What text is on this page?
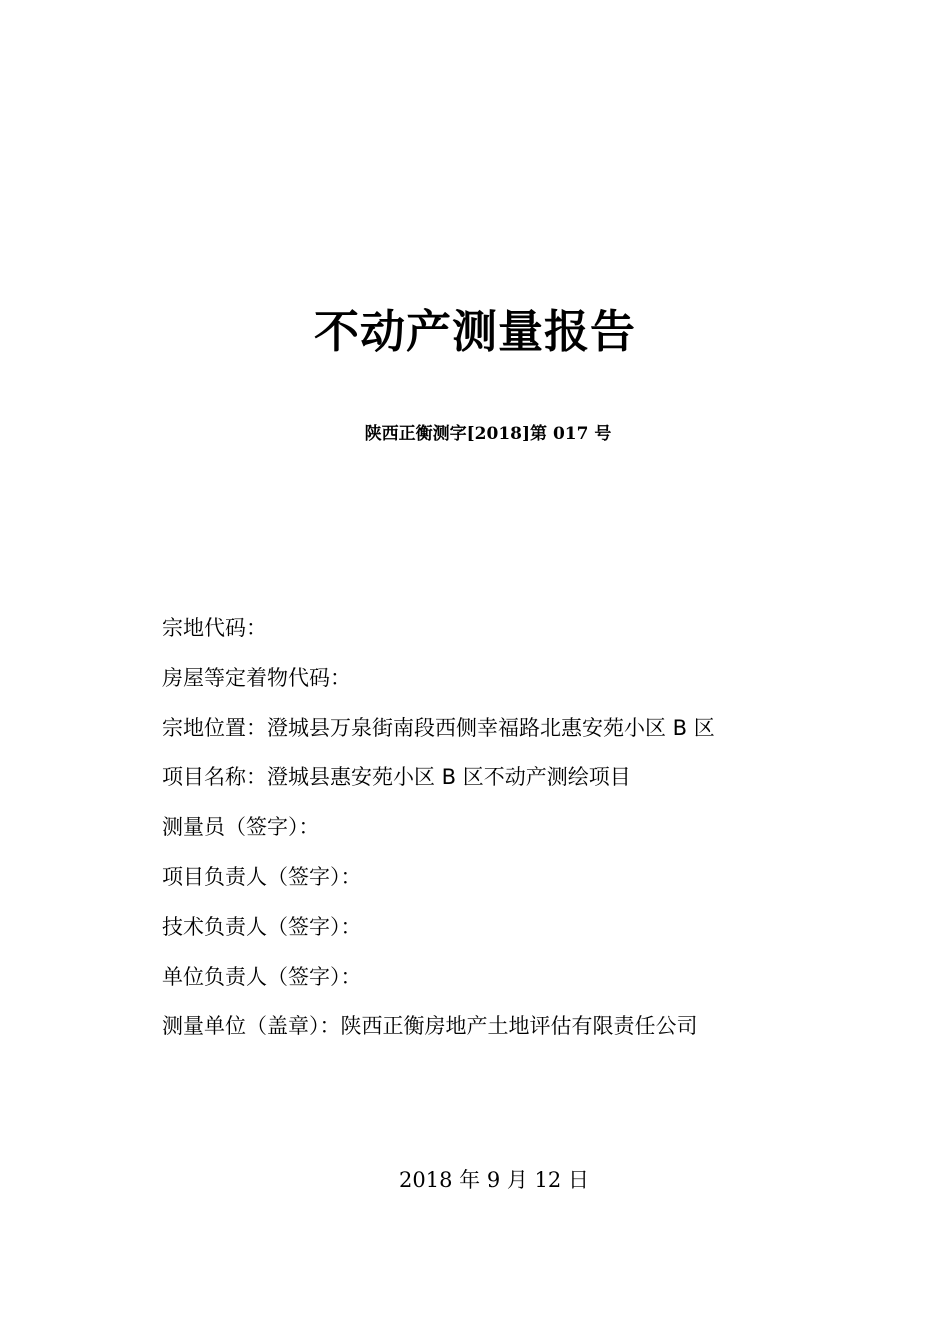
不动产测量报告
陕西正衡测字[2018]第 017 号
宗地代码：
房屋等定着物代码：
宗地位置：澄城县万泉街南段西侧幸福路北惠安苑小区 B 区
项目名称：澄城县惠安苑小区 B 区不动产测绘项目
测量员（签字）：
项目负责人（签字）：
技术负责人（签字）：
单位负责人（签字）：
测量单位（盖章）：陕西正衡房地产土地评估有限责任公司
2018 年 9 月 12 日
